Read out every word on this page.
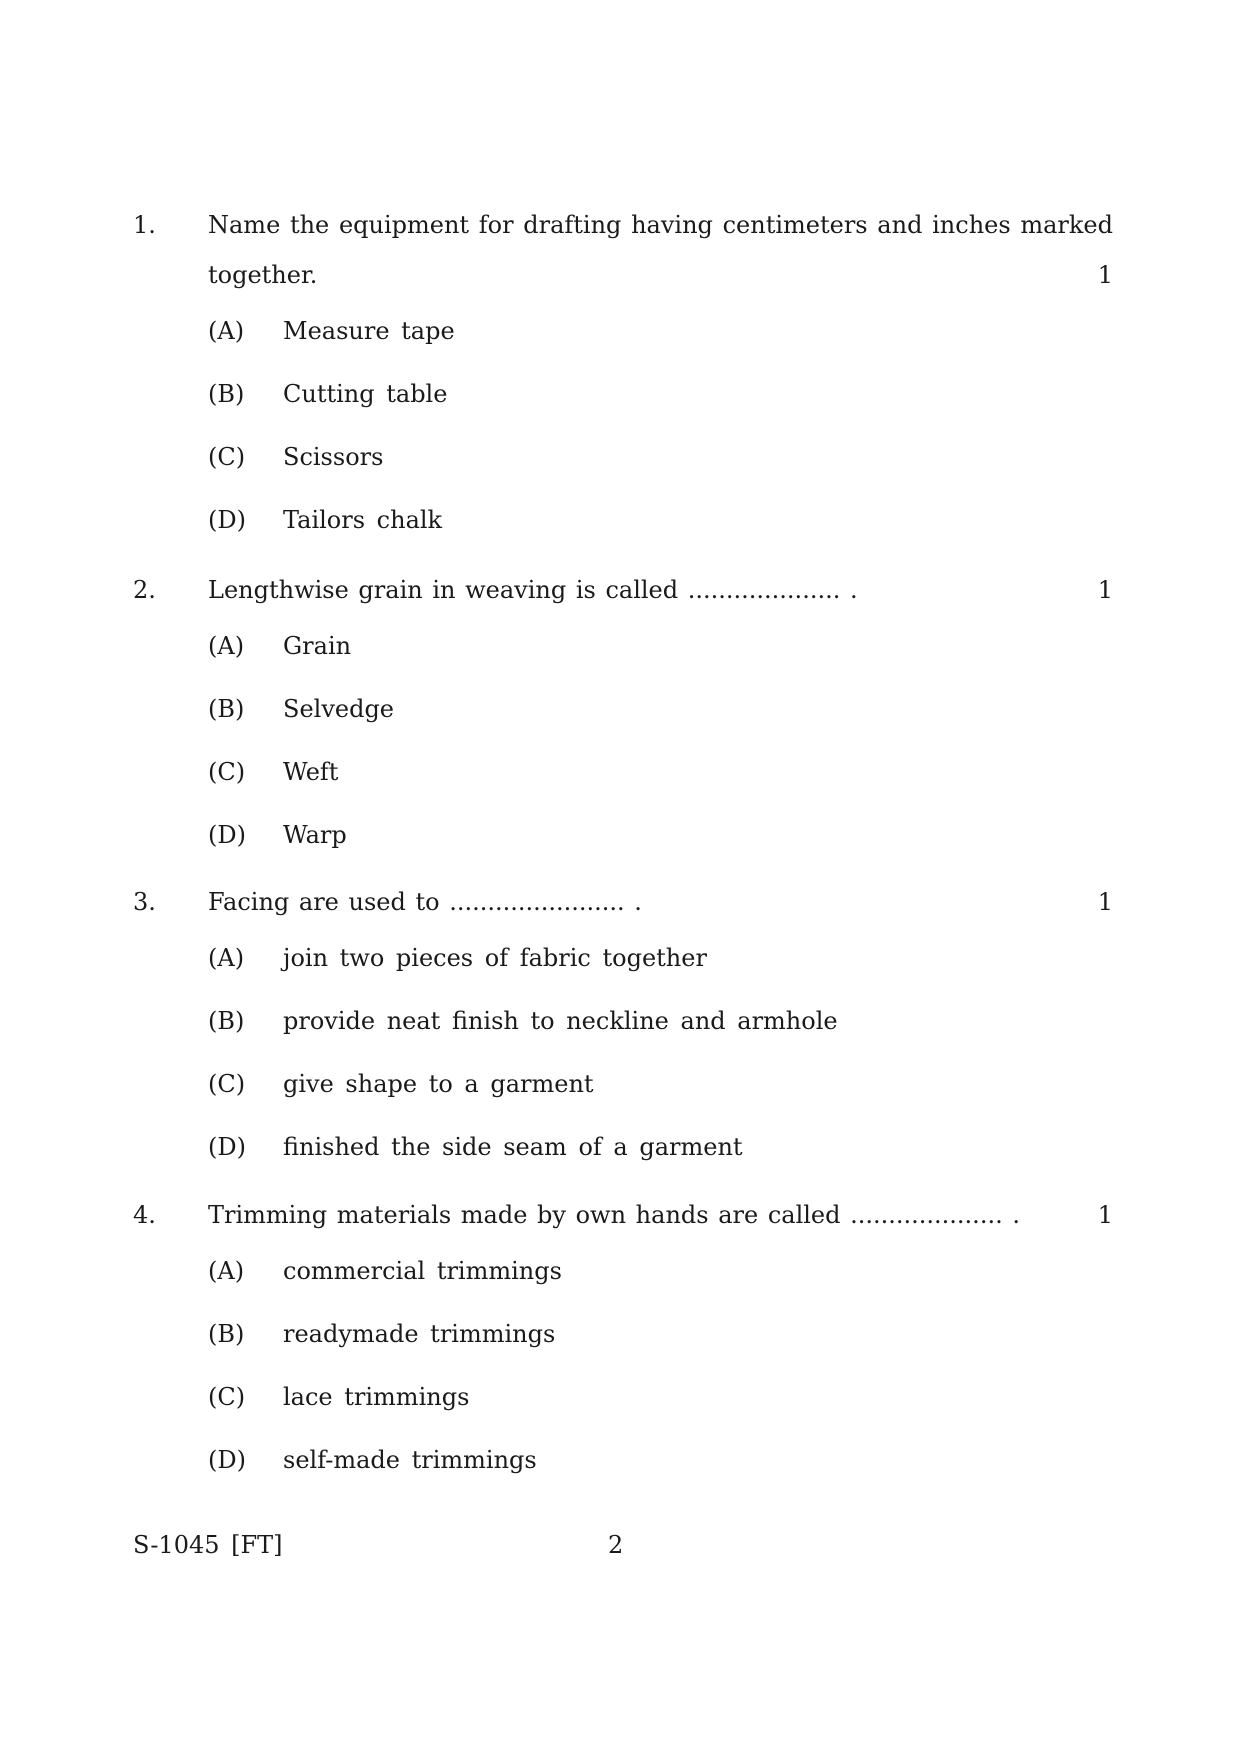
1. Name the equipment for drafting having centimeters and inches marked
together.	1
(A) Measure tape
(B) Cutting table
(C) Scissors
(D) Tailors chalk
2. Lengthwise grain in weaving is called .................... .	1
(A) Grain
(B) Selvedge
(C) Weft
(D) Warp
3. Facing are used to ....................... .	1
(A) join two pieces of fabric together
(B) provide neat finish to neckline and armhole
(C) give shape to a garment
(D) finished the side seam of a garment
4. Trimming materials made by own hands are called .................... .	1
(A) commercial trimmings
(B) readymade trimmings
(C) lace trimmings
(D) self-made trimmings
S-1045 [FT]	2
